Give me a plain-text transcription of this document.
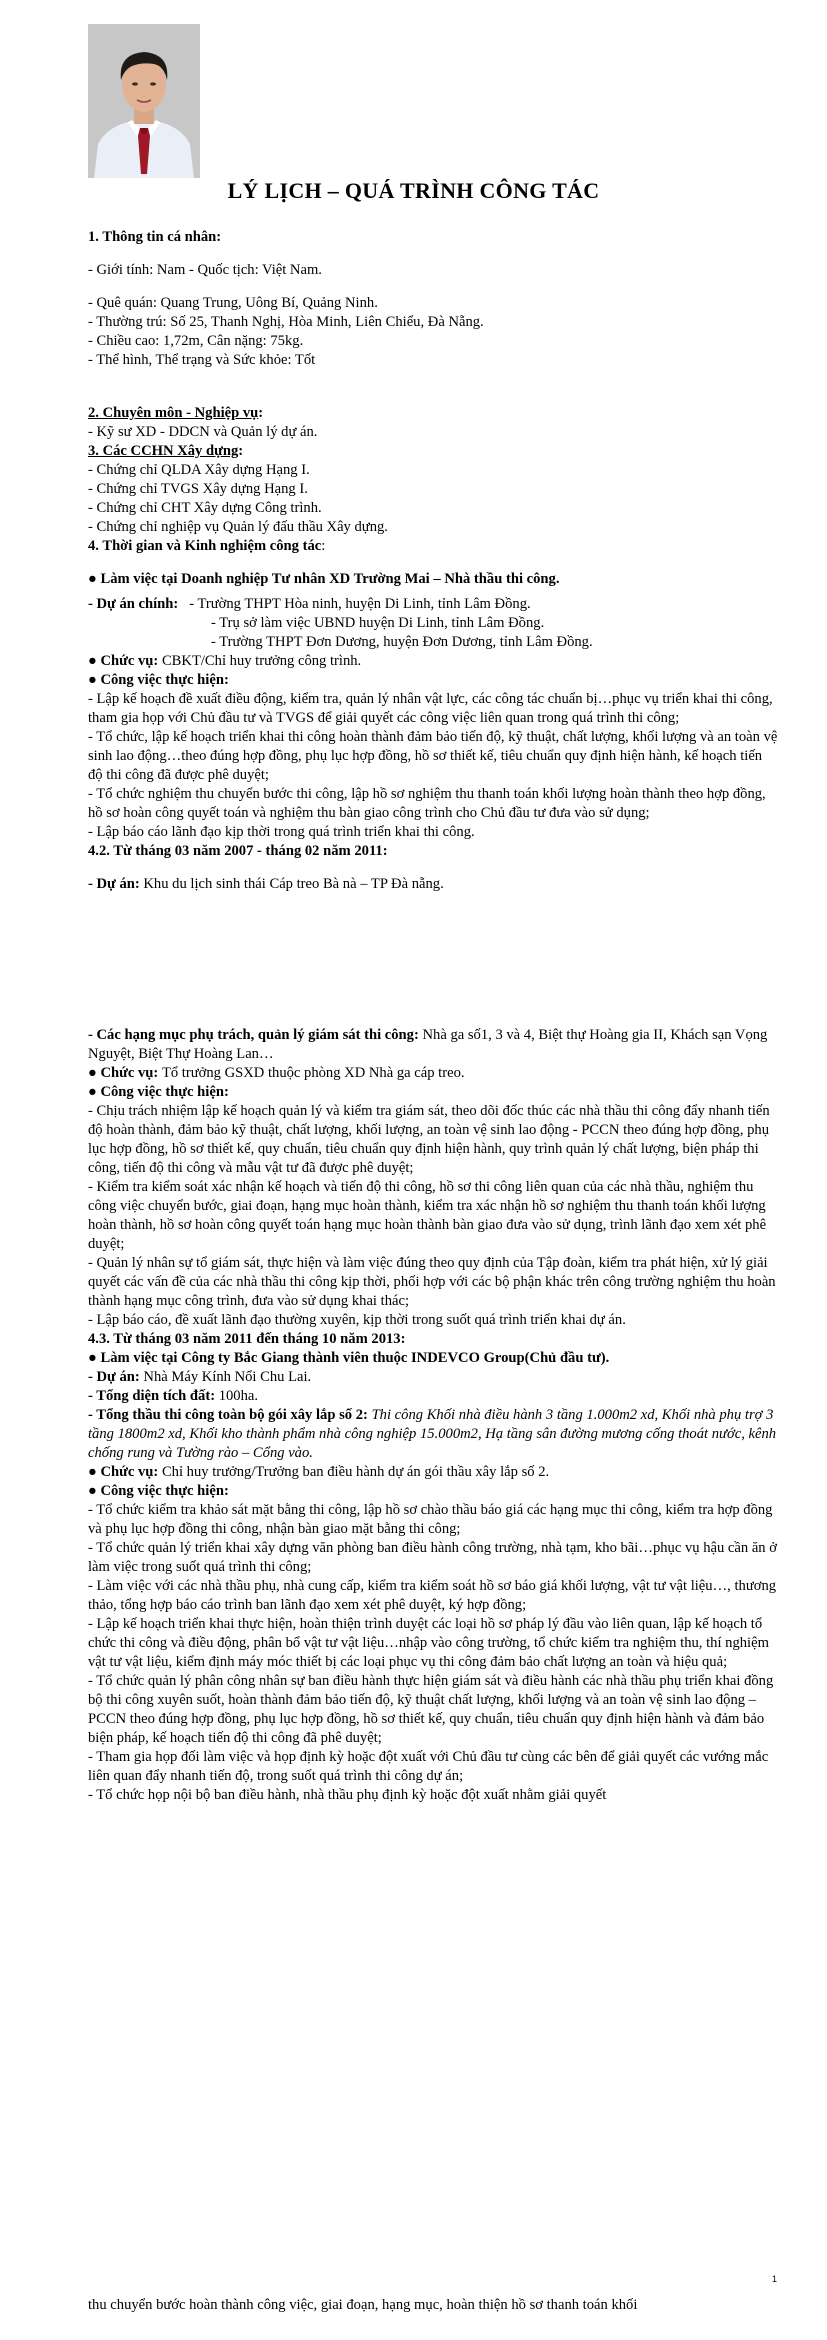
LÝ LỊCH – QUÁ TRÌNH CÔNG TÁC

1. Thông tin cá nhân:

- Giới tính: Nam - Quốc tịch: Việt Nam.

- Quê quán: Quang Trung, Uông Bí, Quảng Ninh.

- Thường trú: Số 25, Thanh Nghị, Hòa Minh, Liên Chiểu, Đà Nẵng.

- Chiều cao: 1,72m, Cân nặng: 75kg.

- Thể hình, Thể trạng và Sức khỏe: Tốt

2. Chuyên môn - Nghiệp vụ:

- Kỹ sư XD - DDCN và Quản lý dự án.

3. Các CCHN Xây dựng:

- Chứng chỉ QLDA Xây dựng Hạng I.

- Chứng chỉ TVGS Xây dựng Hạng I.

- Chứng chỉ CHT Xây dựng Công trình.

- Chứng chỉ nghiệp vụ Quản lý đấu thầu Xây dựng.

4. Thời gian và Kinh nghiệm công tác:

● Làm việc tại Doanh nghiệp Tư nhân XD Trường Mai – Nhà thầu thi công.

- Dự án chính: - Trường THPT Hòa ninh, huyện Di Linh, tỉnh Lâm Đồng.

- Trụ sở làm việc UBND huyện Di Linh, tỉnh Lâm Đồng.

- Trường THPT Đơn Dương, huyện Đơn Dương, tỉnh Lâm Đồng.

● Chức vụ: CBKT/Chỉ huy trưởng công trình.

● Công việc thực hiện:

- Lập kế hoạch đề xuất điều động, kiểm tra, quản lý nhân vật lực, các công tác chuẩn bị…phục vụ triển khai thi công, tham gia họp với Chủ đầu tư và TVGS để giải quyết các công việc liên quan trong quá trình thi công;

- Tổ chức, lập kế hoạch triển khai thi công hoàn thành đảm bảo tiến độ, kỹ thuật, chất lượng, khối lượng và an toàn vệ sinh lao động…theo đúng hợp đồng, phụ lục hợp đồng, hồ sơ thiết kế, tiêu chuẩn quy định hiện hành, kế hoạch tiến độ thi công đã được phê duyệt;

- Tổ chức nghiệm thu chuyển bước thi công, lập hồ sơ nghiệm thu thanh toán khối lượng hoàn thành theo hợp đồng, hồ sơ hoàn công quyết toán và nghiệm thu bàn giao công trình cho Chủ đầu tư đưa vào sử dụng;

- Lập báo cáo lãnh đạo kịp thời trong quá trình triển khai thi công.

4.2. Từ tháng 03 năm 2007 - tháng 02 năm 2011:

- Dự án: Khu du lịch sinh thái Cáp treo Bà nà – TP Đà nẵng.

- Các hạng mục phụ trách, quản lý giám sát thi công: Nhà ga số1, 3 và 4, Biệt thự Hoàng gia II, Khách sạn Vọng Nguyệt, Biệt Thự Hoàng Lan…

● Chức vụ: Tổ trưởng GSXD thuộc phòng XD Nhà ga cáp treo.

● Công việc thực hiện:

- Chịu trách nhiệm lập kế hoạch quản lý và kiểm tra giám sát, theo dõi đốc thúc các nhà thầu thi công đẩy nhanh tiến độ hoàn thành, đảm bảo kỹ thuật, chất lượng, khối lượng, an toàn vệ sinh lao động - PCCN theo đúng hợp đồng, phụ lục hợp đồng, hồ sơ thiết kế, quy chuẩn, tiêu chuẩn quy định hiện hành, quy trình quản lý chất lượng, biện pháp thi công, tiến độ thi công và mẫu vật tư đã được phê duyệt;

- Kiểm tra kiểm soát xác nhận kế hoạch và tiến độ thi công, hồ sơ thi công liên quan của các nhà thầu, nghiệm thu công việc chuyển bước, giai đoạn, hạng mục hoàn thành, kiểm tra xác nhận hồ sơ nghiệm thu thanh toán khối lượng hoàn thành, hồ sơ hoàn công quyết toán hạng mục hoàn thành bàn giao đưa vào sử dụng, trình lãnh đạo xem xét phê duyệt;

- Quản lý nhân sự tổ giám sát, thực hiện và làm việc đúng theo quy định của Tập đoàn, kiểm tra phát hiện, xử lý giải quyết các vấn đề của các nhà thầu thi công kịp thời, phối hợp với các bộ phận khác trên công trường nghiệm thu hoàn thành hạng mục công trình, đưa vào sử dụng khai thác;

- Lập báo cáo, đề xuất lãnh đạo thường xuyên, kịp thời trong suốt quá trình triển khai dự án.

4.3. Từ tháng 03 năm 2011 đến tháng 10 năm 2013:

● Làm việc tại Công ty Bắc Giang thành viên thuộc INDEVCO Group(Chủ đầu tư).

- Dự án: Nhà Máy Kính Nổi Chu Lai.

- Tổng diện tích đất: 100ha.

- Tổng thầu thi công toàn bộ gói xây lắp số 2: Thi công Khối nhà điều hành 3 tầng 1.000m2 xd, Khối nhà phụ trợ 3 tầng 1800m2 xd, Khối kho thành phẩm nhà công nghiệp 15.000m2, Hạ tầng sân đường mương cống thoát nước, kênh chống rung và Tường rào – Cổng vào.

● Chức vụ: Chỉ huy trưởng/Trưởng ban điều hành dự án gói thầu xây lắp số 2.

● Công việc thực hiện:

- Tổ chức kiểm tra khảo sát mặt bằng thi công, lập hồ sơ chào thầu báo giá các hạng mục thi công, kiểm tra hợp đồng và phụ lục hợp đồng thi công, nhận bàn giao mặt bằng thi công;

- Tổ chức quản lý triển khai xây dựng văn phòng ban điều hành công trường, nhà tạm, kho bãi…phục vụ hậu cần ăn ở làm việc trong suốt quá trình thi công;

- Làm việc với các nhà thầu phụ, nhà cung cấp, kiểm tra kiểm soát hồ sơ báo giá khối lượng, vật tư vật liệu…, thương thảo, tổng hợp báo cáo trình ban lãnh đạo xem xét phê duyệt, ký hợp đồng;

- Lập kế hoạch triển khai thực hiện, hoàn thiện trình duyệt các loại hồ sơ pháp lý đầu vào liên quan, lập kế hoạch tổ chức thi công và điều động, phân bổ vật tư vật liệu…nhập vào công trường, tổ chức kiểm tra nghiệm thu, thí nghiệm vật tư vật liệu, kiểm định máy móc thiết bị các loại phục vụ thi công đảm bảo chất lượng an toàn và hiệu quả;

- Tổ chức quản lý phân công nhân sự ban điều hành thực hiện giám sát và điều hành các nhà thầu phụ triển khai đồng bộ thi công xuyên suốt, hoàn thành đảm bảo tiến độ, kỹ thuật chất lượng, khối lượng và an toàn vệ sinh lao động – PCCN theo đúng hợp đồng, phụ lục hợp đồng, hồ sơ thiết kế, quy chuẩn, tiêu chuẩn quy định hiện hành và đảm bảo biện pháp, kế hoạch tiến độ thi công đã phê duyệt;

- Tham gia họp đối làm việc và họp định kỳ hoặc đột xuất với Chủ đầu tư cùng các bên để giải quyết các vướng mắc liên quan đẩy nhanh tiến độ, trong suốt quá trình thi công dự án;

- Tổ chức họp nội bộ ban điều hành, nhà thầu phụ định kỳ hoặc đột xuất nhằm giải quyết

1
thu chuyển bước hoàn thành công việc, giai đoạn, hạng mục, hoàn thiện hồ sơ thanh toán khối
